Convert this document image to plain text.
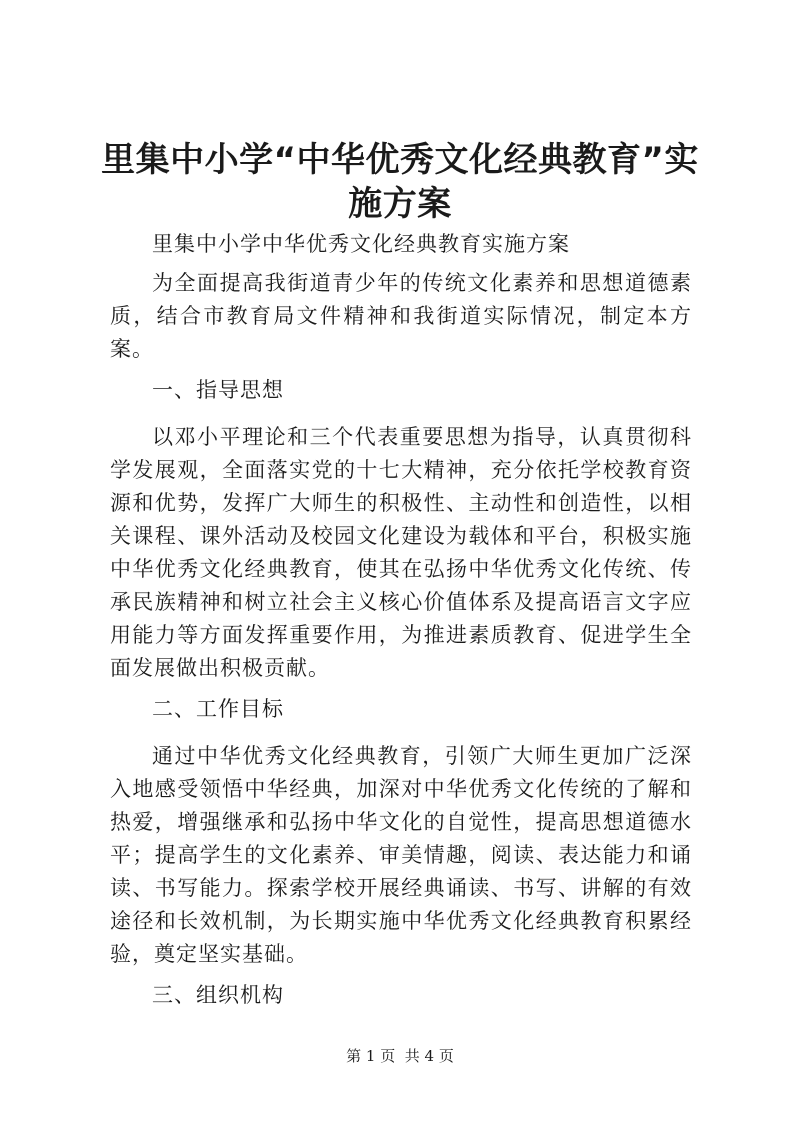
里集中小学“中华优秀文化经典教育”实施方案

里集中小学中华优秀文化经典教育实施方案

为全面提高我街道青少年的传统文化素养和思想道德素质，结合市教育局文件精神和我街道实际情况，制定本方案。

一、指导思想

以邓小平理论和三个代表重要思想为指导，认真贯彻科学发展观，全面落实党的十七大精神，充分依托学校教育资源和优势，发挥广大师生的积极性、主动性和创造性，以相关课程、课外活动及校园文化建设为载体和平台，积极实施中华优秀文化经典教育，使其在弘扬中华优秀文化传统、传承民族精神和树立社会主义核心价值体系及提高语言文字应用能力等方面发挥重要作用，为推进素质教育、促进学生全面发展做出积极贡献。

二、工作目标

通过中华优秀文化经典教育，引领广大师生更加广泛深入地感受领悟中华经典，加深对中华优秀文化传统的了解和热爱，增强继承和弘扬中华文化的自觉性，提高思想道德水平；提高学生的文化素养、审美情趣，阅读、表达能力和诵读、书写能力。探索学校开展经典诵读、书写、讲解的有效途径和长效机制，为长期实施中华优秀文化经典教育积累经验，奠定坚实基础。

三、组织机构

第 1 页  共 4 页
